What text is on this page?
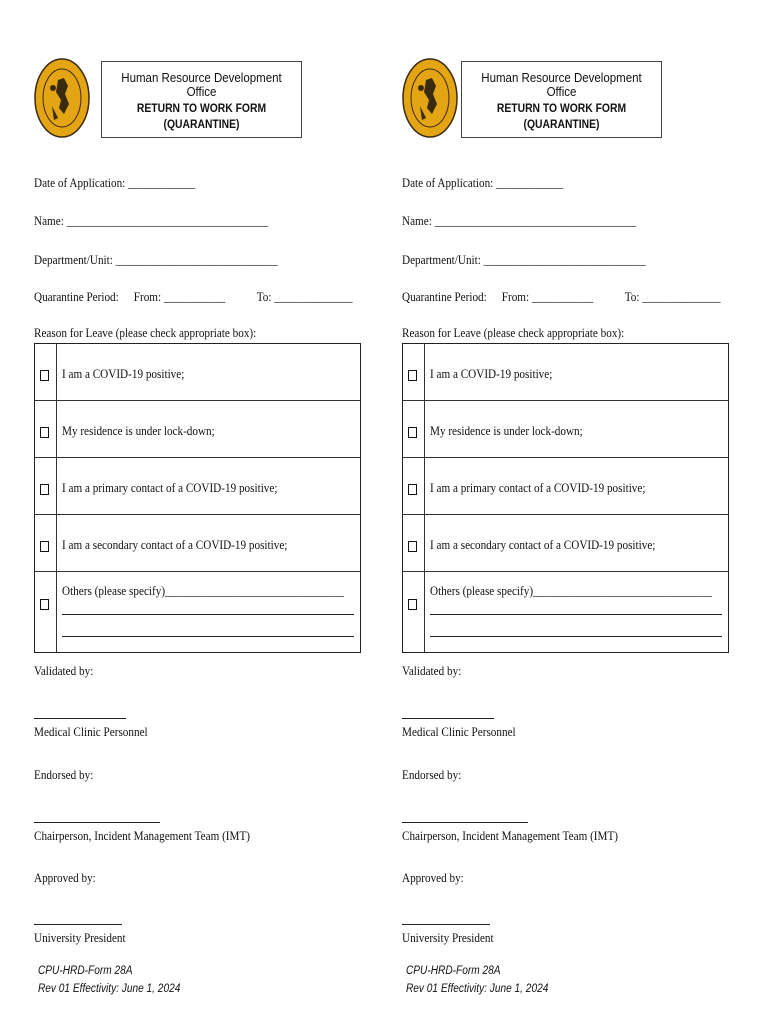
Human Resource Development Office
RETURN TO WORK FORM
(QUARANTINE)
Date of Application: ____________
Name: ____________________________________
Department/Unit: _____________________________
Quarantine Period: From: ___________ To: ______________
Reason for Leave (please check appropriate box):
I am a COVID-19 positive;
My residence is under lock-down;
I am a primary contact of a COVID-19 positive;
I am a secondary contact of a COVID-19 positive;
Others (please specify)________________________________
Validated by:
Medical Clinic Personnel
Endorsed by:
Chairperson, Incident Management Team (IMT)
Approved by:
University President
CPU-HRD-Form 28A
Rev 01 Effectivity: June 1, 2024
Human Resource Development Office
RETURN TO WORK FORM
(QUARANTINE)
Date of Application: ____________
Name: ____________________________________
Department/Unit: _____________________________
Quarantine Period: From: ___________ To: ______________
Reason for Leave (please check appropriate box):
I am a COVID-19 positive;
My residence is under lock-down;
I am a primary contact of a COVID-19 positive;
I am a secondary contact of a COVID-19 positive;
Others (please specify)________________________________
Validated by:
Medical Clinic Personnel
Endorsed by:
Chairperson, Incident Management Team (IMT)
Approved by:
University President
CPU-HRD-Form 28A
Rev 01 Effectivity: June 1, 2024
